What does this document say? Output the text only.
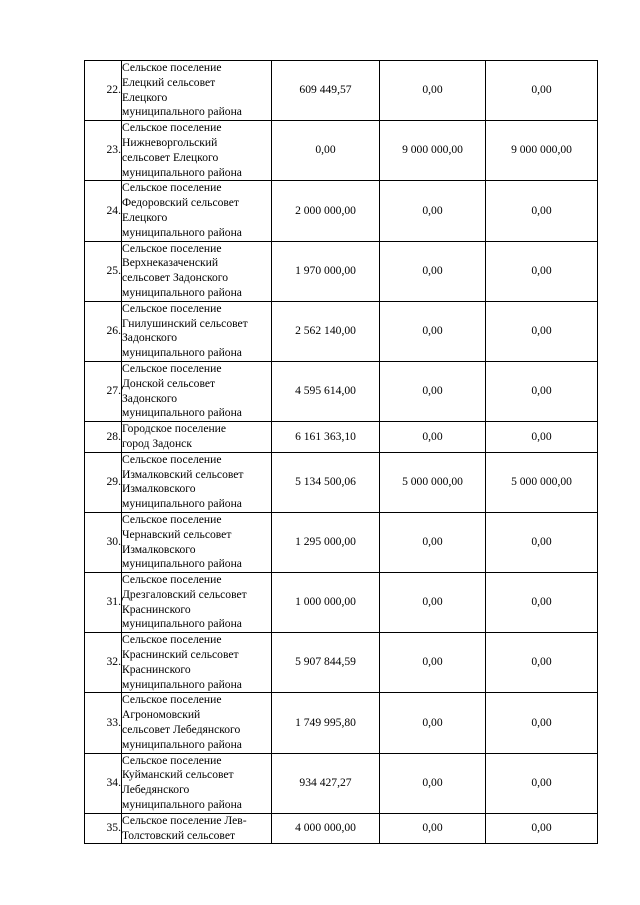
22.	Сельское поселение
Елецкий сельсовет
Елецкого
муниципального района	609 449,57	0,00	0,00
23.	Сельское поселение
Нижневоргольский
сельсовет Елецкого
муниципального района	0,00	9 000 000,00	9 000 000,00
24.	Сельское поселение
Федоровский сельсовет
Елецкого
муниципального района	2 000 000,00	0,00	0,00
25.	Сельское поселение
Верхнеказаченский
сельсовет Задонского
муниципального района	1 970 000,00	0,00	0,00
26.	Сельское поселение
Гнилушинский сельсовет
Задонского
муниципального района	2 562 140,00	0,00	0,00
27.	Сельское поселение
Донской сельсовет
Задонского
муниципального района	4 595 614,00	0,00	0,00
28.	Городское поселение
город Задонск	6 161 363,10	0,00	0,00
29.	Сельское поселение
Измалковский сельсовет
Измалковского
муниципального района	5 134 500,06	5 000 000,00	5 000 000,00
30.	Сельское поселение
Чернавский сельсовет
Измалковского
муниципального района	1 295 000,00	0,00	0,00
31.	Сельское поселение
Дрезгаловский сельсовет
Краснинского
муниципального района	1 000 000,00	0,00	0,00
32.	Сельское поселение
Краснинский сельсовет
Краснинского
муниципального района	5 907 844,59	0,00	0,00
33.	Сельское поселение
Агрономовский
сельсовет Лебедянского
муниципального района	1 749 995,80	0,00	0,00
34.	Сельское поселение
Куйманский сельсовет
Лебедянского
муниципального района	934 427,27	0,00	0,00
35.	Сельское поселение Лев-
Толстовский сельсовет	4 000 000,00	0,00	0,00
